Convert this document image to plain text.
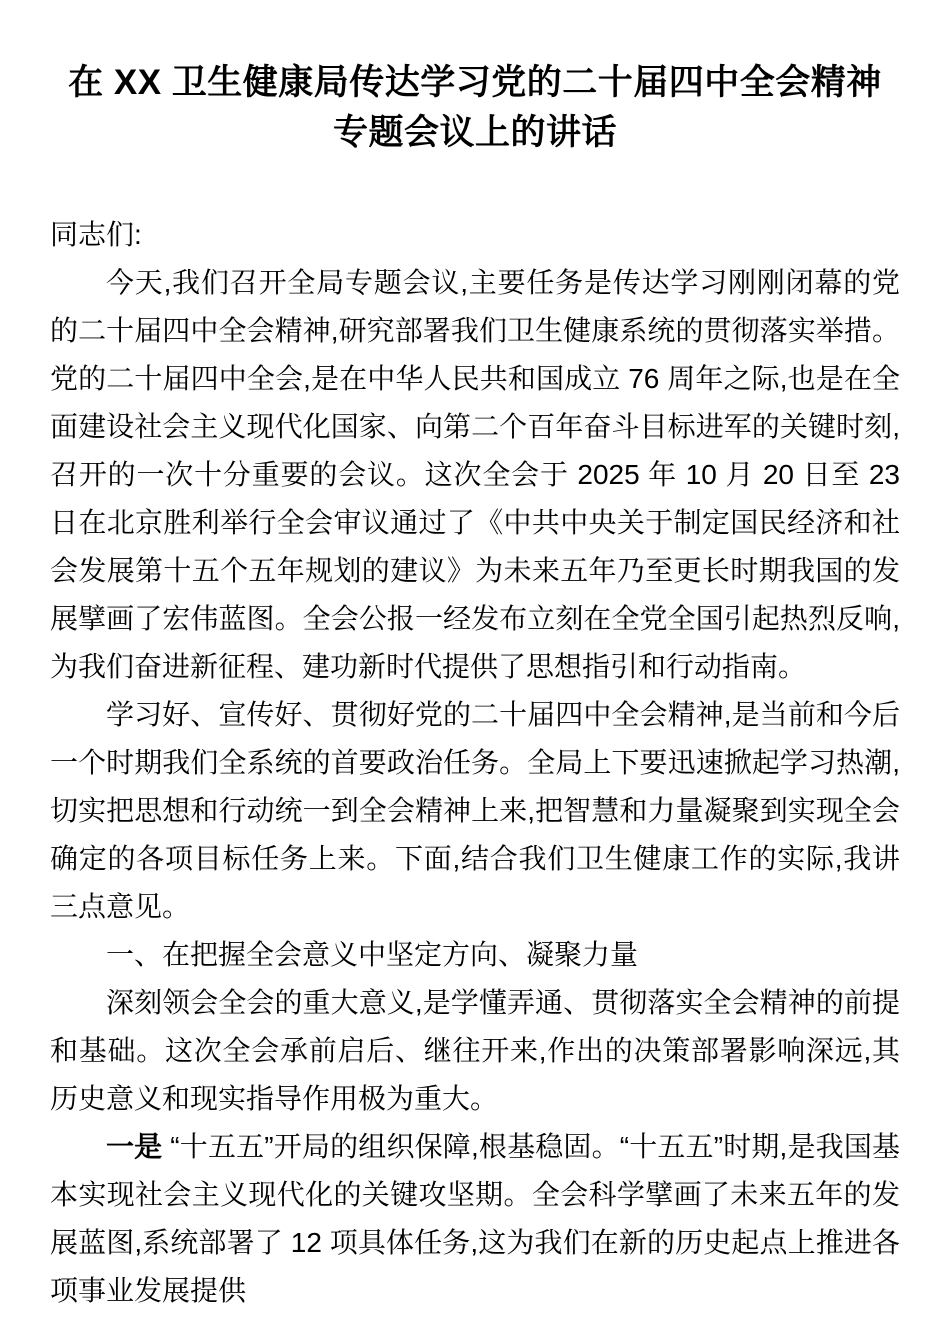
在 XX 卫生健康局传达学习党的二十届四中全会精神专题会议上的讲话

同志们:

今天,我们召开全局专题会议,主要任务是传达学习刚刚闭幕的党的二十届四中全会精神,研究部署我们卫生健康系统的贯彻落实举措。党的二十届四中全会,是在中华人民共和国成立 76 周年之际,也是在全面建设社会主义现代化国家、向第二个百年奋斗目标进军的关键时刻,召开的一次十分重要的会议。这次全会于 2025 年 10 月 20 日至 23 日在北京胜利举行全会审议通过了《中共中央关于制定国民经济和社会发展第十五个五年规划的建议》为未来五年乃至更长时期我国的发展擘画了宏伟蓝图。全会公报一经发布立刻在全党全国引起热烈反响,为我们奋进新征程、建功新时代提供了思想指引和行动指南。

学习好、宣传好、贯彻好党的二十届四中全会精神,是当前和今后一个时期我们全系统的首要政治任务。全局上下要迅速掀起学习热潮,切实把思想和行动统一到全会精神上来,把智慧和力量凝聚到实现全会确定的各项目标任务上来。下面,结合我们卫生健康工作的实际,我讲三点意见。

一、在把握全会意义中坚定方向、凝聚力量

深刻领会全会的重大意义,是学懂弄通、贯彻落实全会精神的前提和基础。这次全会承前启后、继往开来,作出的决策部署影响深远,其历史意义和现实指导作用极为重大。

一是 “十五五”开局的组织保障,根基稳固。“十五五”时期,是我国基本实现社会主义现代化的关键攻坚期。全会科学擘画了未来五年的发展蓝图,系统部署了 12 项具体任务,这为我们在新的历史起点上推进各项事业发展提供
